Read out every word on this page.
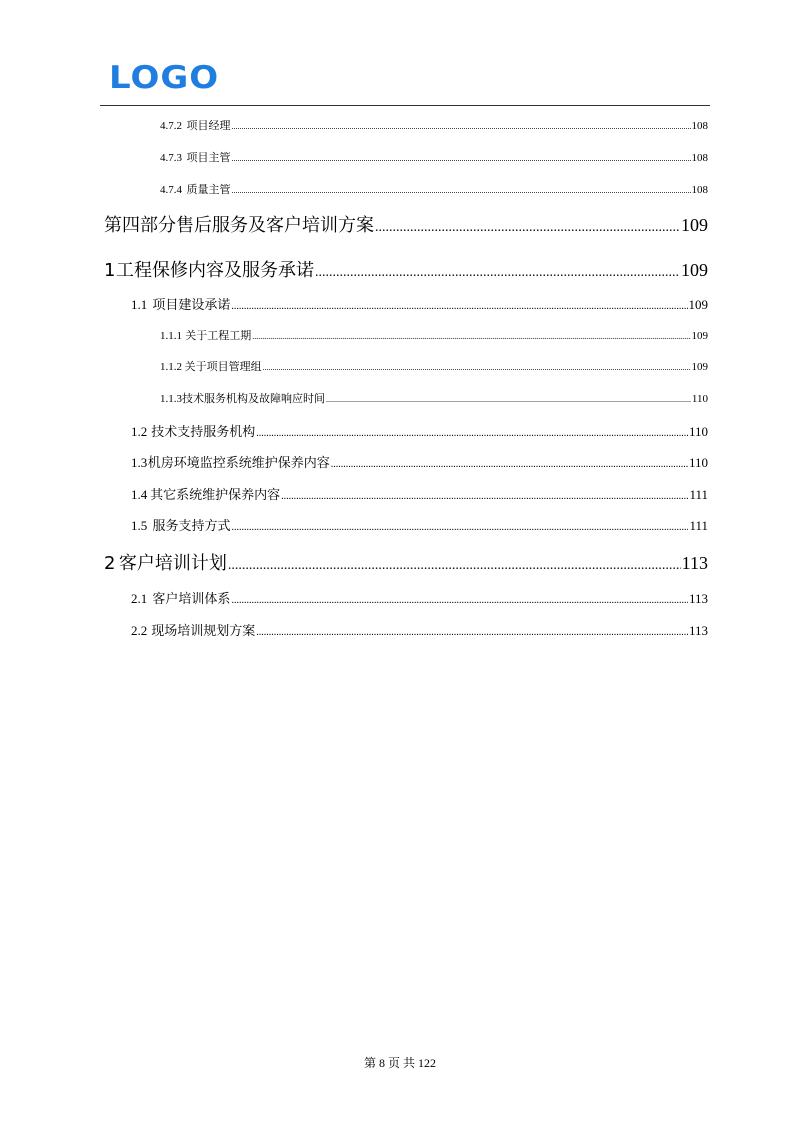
LOGO
4.7.2 项目经理 .....	108
4.7.3 项目主管 .....	108
4.7.4 质量主管 .....	108
第四部分售后服务及客户培训方案 .....	109
1 工程保修内容及服务承诺 .....	109
1.1 项目建设承诺 .....	109
1.1.1 关于工程工期 .....	109
1.1.2 关于项目管理组 .....	109
1.1.3 技术服务机构及故障响应时间 .....	110
1.2 技术支持服务机构 .....	110
1.3 机房环境监控系统维护保养内容 .....	110
1.4 其它系统维护保养内容 .....	111
1.5 服务支持方式 .....	111
2 客户培训计划 .....	113
2.1 客户培训体系 .....	113
2.2 现场培训规划方案 .....	113
第 8 页 共 122
